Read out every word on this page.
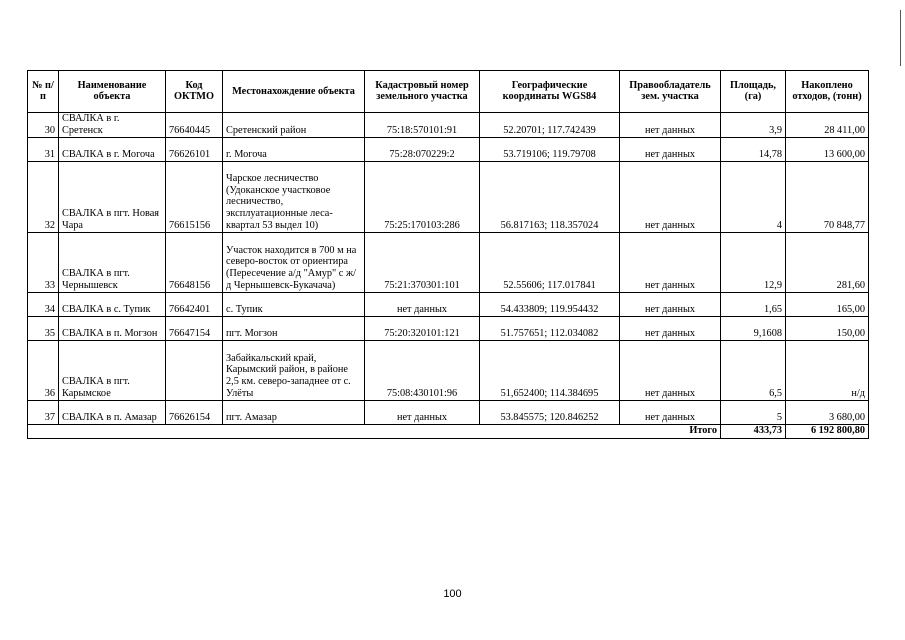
№ п/п	Наименование объекта	Код ОКТМО	Местонахождение объекта	Кадастровый номер земельного участка	Географические координаты WGS84	Правообладатель зем. участка	Площадь, (га)	Накоплено отходов, (тонн)
30	СВАЛКА в г. Сретенск	76640445	Сретенский район	75:18:570101:91	52.20701; 117.742439	нет данных	3,9	28 411,00
31	СВАЛКА в г. Могоча	76626101	г. Могоча	75:28:070229:2	53.719106; 119.79708	нет данных	14,78	13 600,00
32	СВАЛКА в пгт. Новая Чара	76615156	Чарское лесничество (Удоканское участковое лесничество, эксплуатационные леса- квартал 53 выдел 10)	75:25:170103:286	56.817163; 118.357024	нет данных	4	70 848,77
33	СВАЛКА в пгт. Чернышевск	76648156	Участок находится в 700 м на северо-восток от ориентира (Пересечение а/д "Амур" с ж/д Чернышевск-Букачача)	75:21:370301:101	52.55606; 117.017841	нет данных	12,9	281,60
34	СВАЛКА в с. Тупик	76642401	с. Тупик	нет данных	54.433809; 119.954432	нет данных	1,65	165,00
35	СВАЛКА в п. Могзон	76647154	пгт. Могзон	75:20:320101:121	51.757651; 112.034082	нет данных	9,1608	150,00
36	СВАЛКА в пгт. Карымское		Забайкальский край, Карымский район, в районе 2,5 км. северо-западнее от с. Улёты	75:08:430101:96	51,652400; 114.384695	нет данных	6,5	н/д
37	СВАЛКА в п. Амазар	76626154	пгт. Амазар	нет данных	53.845575; 120.846252	нет данных	5	3 680,00
Итого							433,73	6 192 800,80
100
